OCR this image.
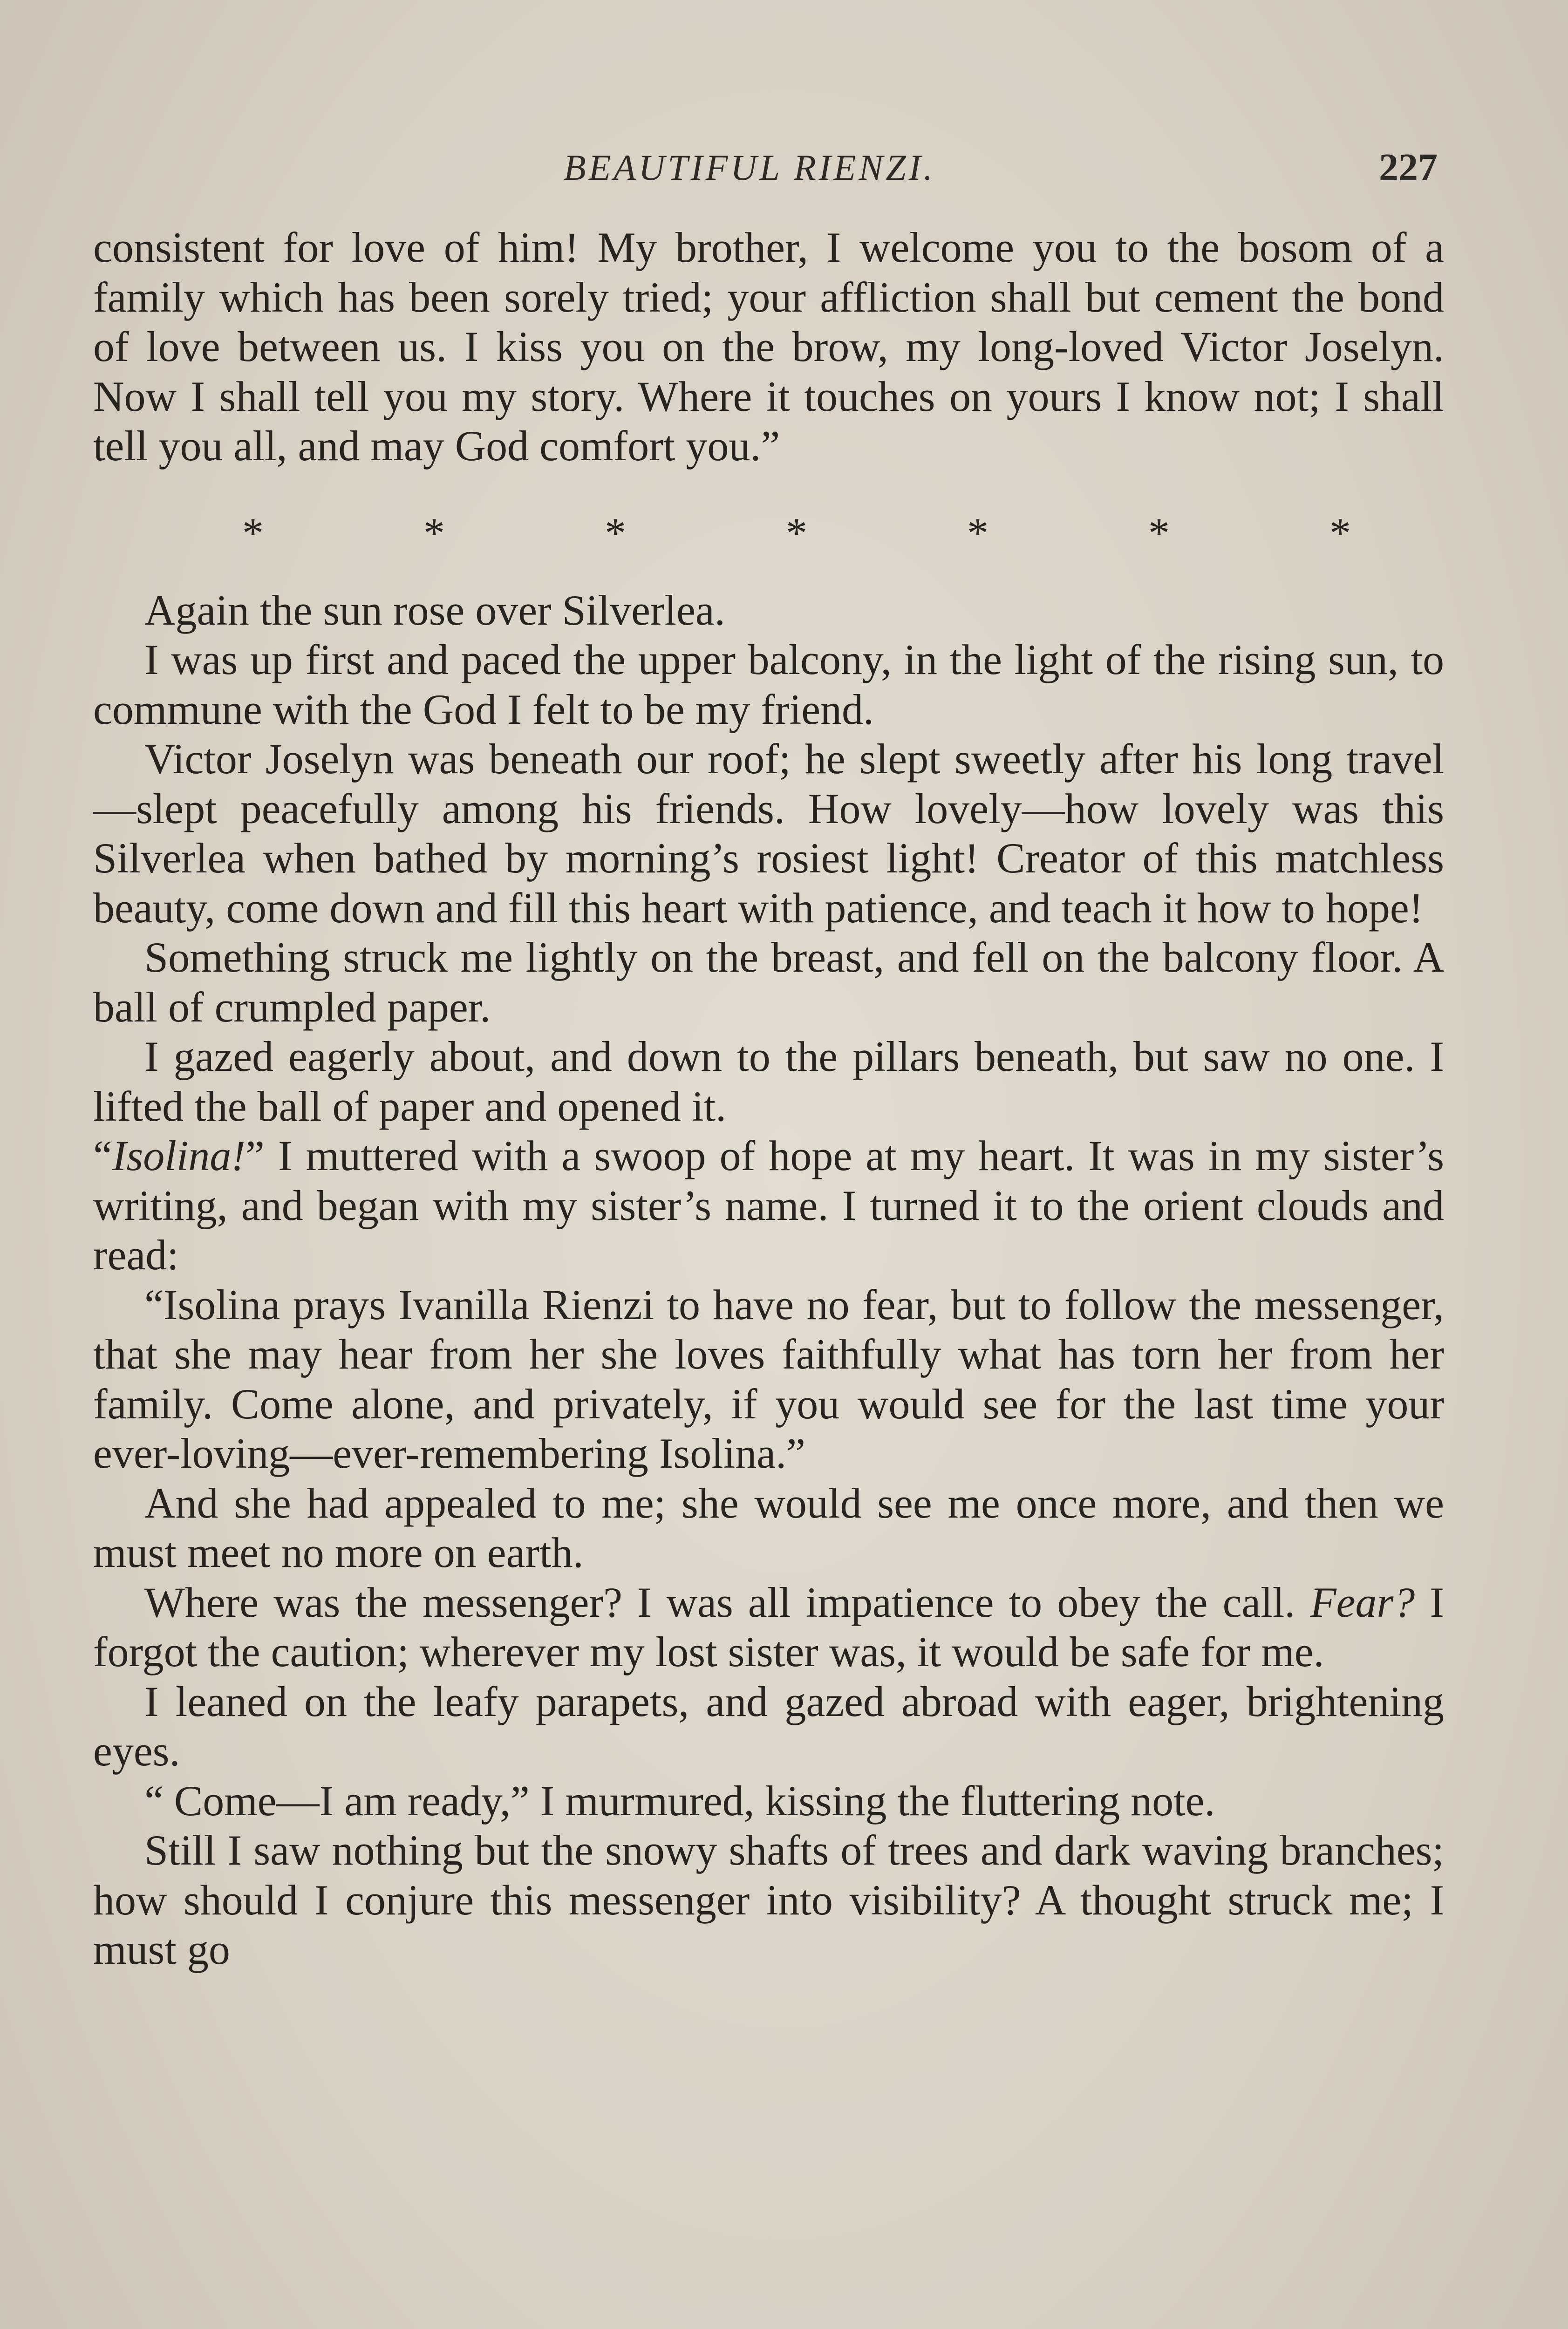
BEAUTIFUL RIENZI.	227

consistent for love of him! My brother, I welcome you to the bosom of a family which has been sorely tried; your affliction shall but cement the bond of love between us. I kiss you on the brow, my long-loved Victor Joselyn. Now I shall tell you my story. Where it touches on yours I know not; I shall tell you all, and may God comfort you.”

*	*	*	*	*	*	*

Again the sun rose over Silverlea.

I was up first and paced the upper balcony, in the light of the rising sun, to commune with the God I felt to be my friend.

Victor Joselyn was beneath our roof; he slept sweetly after his long travel—slept peacefully among his friends. How lovely—how lovely was this Silverlea when bathed by morning’s rosiest light! Creator of this matchless beauty, come down and fill this heart with patience, and teach it how to hope!

Something struck me lightly on the breast, and fell on the balcony floor. A ball of crumpled paper.

I gazed eagerly about, and down to the pillars beneath, but saw no one. I lifted the ball of paper and opened it.

“Isolina!” I muttered with a swoop of hope at my heart. It was in my sister’s writing, and began with my sister’s name. I turned it to the orient clouds and read:

“Isolina prays Ivanilla Rienzi to have no fear, but to follow the messenger, that she may hear from her she loves faithfully what has torn her from her family. Come alone, and privately, if you would see for the last time your ever-loving—ever-remembering Isolina.”

And she had appealed to me; she would see me once more, and then we must meet no more on earth.

Where was the messenger? I was all impatience to obey the call. Fear? I forgot the caution; wherever my lost sister was, it would be safe for me.

I leaned on the leafy parapets, and gazed abroad with eager, brightening eyes.

“ Come—I am ready,” I murmured, kissing the fluttering note.

Still I saw nothing but the snowy shafts of trees and dark waving branches; how should I conjure this messenger into visibility? A thought struck me; I must go
